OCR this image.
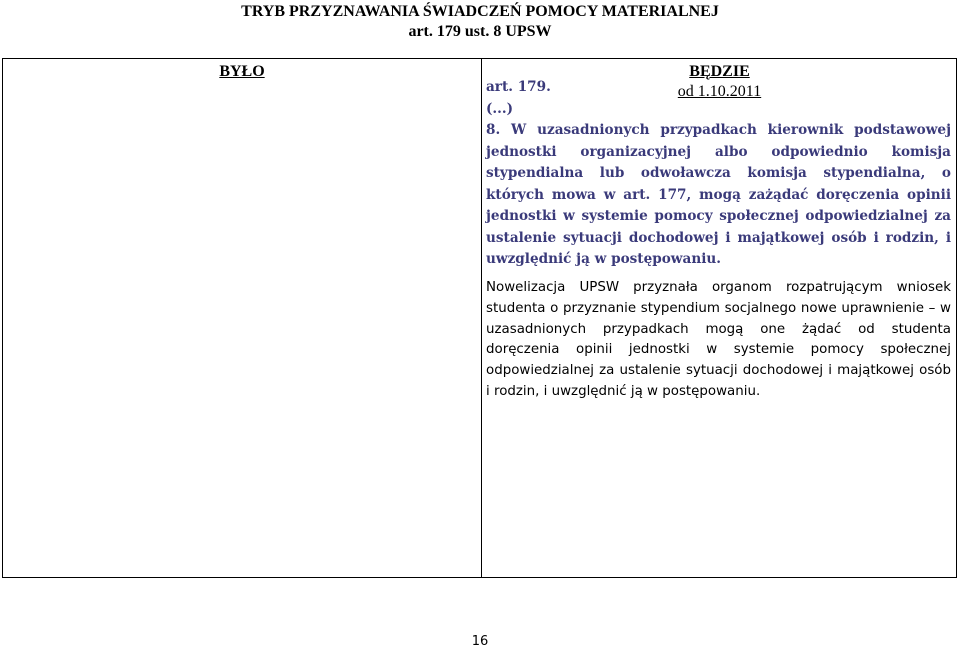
TRYB PRZYZNAWANIA ŚWIADCZEŃ POMOCY MATERIALNEJ
art. 179 ust. 8 UPSW
BYŁO	BĘDZIE
od 1.10.2011
art. 179.
(...)
8. W uzasadnionych przypadkach kierownik podstawowej jednostki organizacyjnej albo odpowiednio komisja stypendialna lub odwoławcza komisja stypendialna, o których mowa w art. 177, mogą zażądać doręczenia opinii jednostki w systemie pomocy społecznej odpowiedzialnej za ustalenie sytuacji dochodowej i majątkowej osób i rodzin, i uwzględnić ją w postępowaniu.
Nowelizacja UPSW przyznała organom rozpatrującym wniosek studenta o przyznanie stypendium socjalnego nowe uprawnienie – w uzasadnionych przypadkach mogą one żądać od studenta doręczenia opinii jednostki w systemie pomocy społecznej odpowiedzialnej za ustalenie sytuacji dochodowej i majątkowej osób i rodzin, i uwzględnić ją w postępowaniu.
16
